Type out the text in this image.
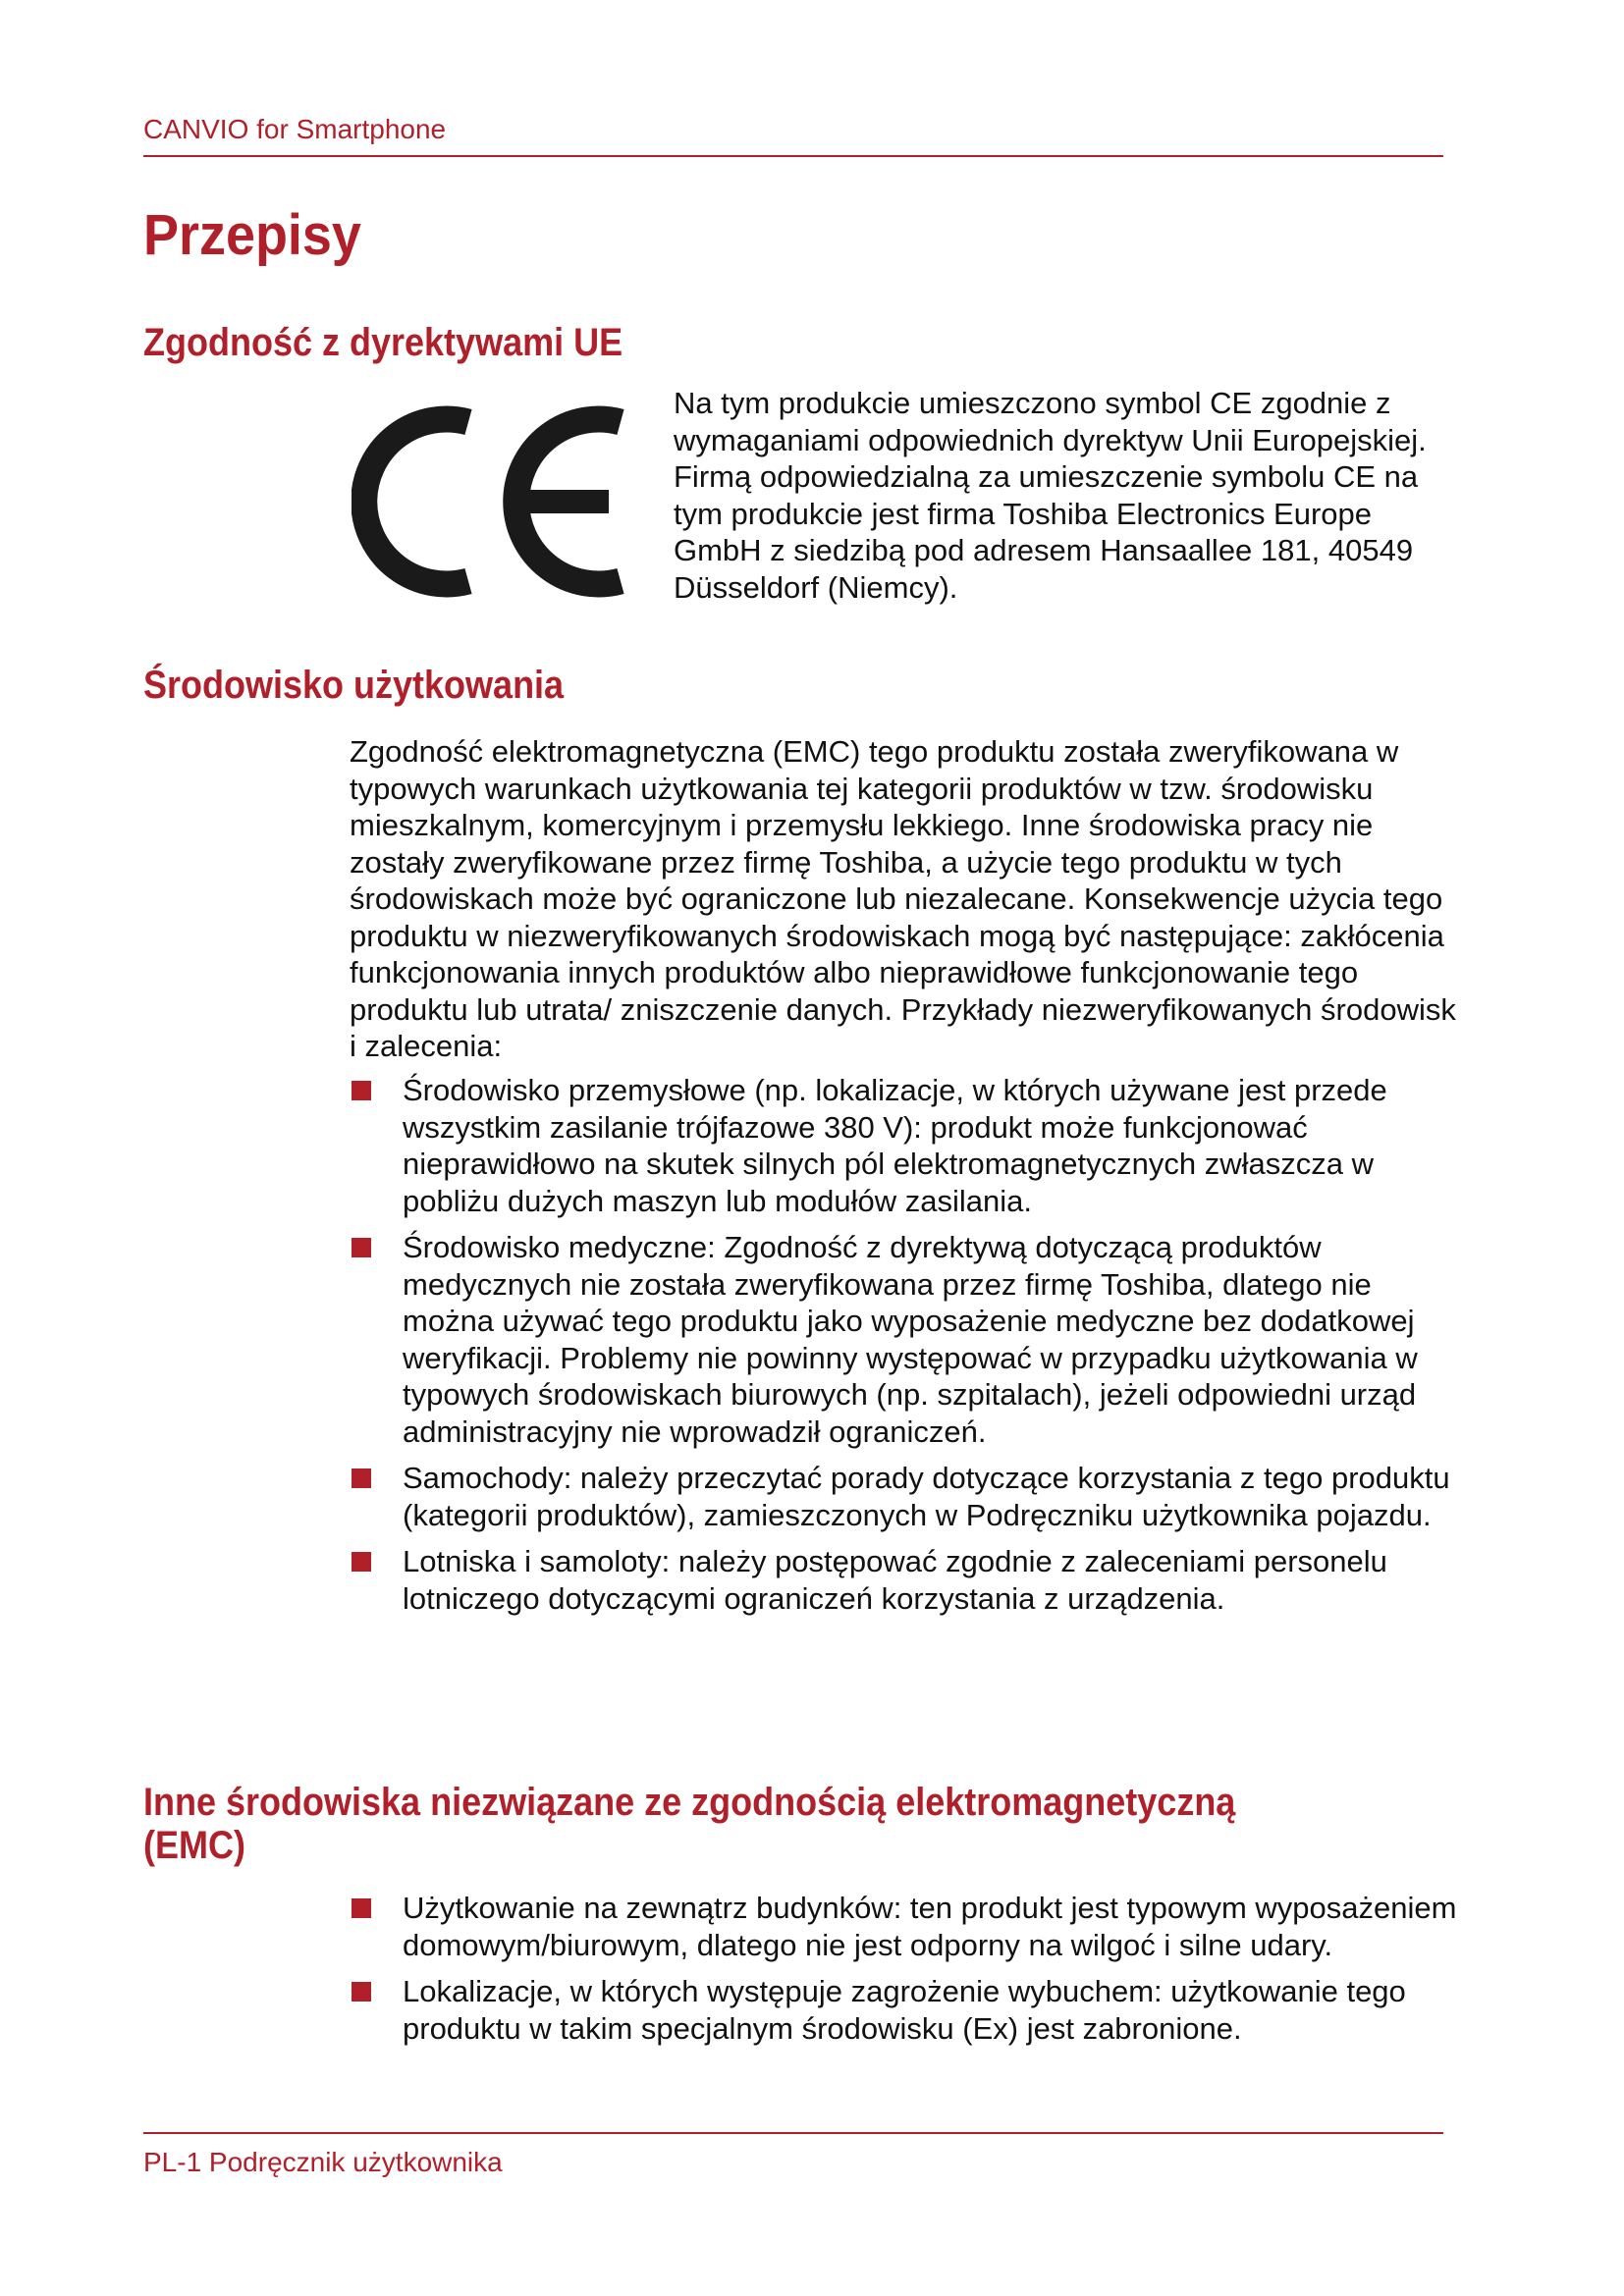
CANVIO for Smartphone
Przepisy
Zgodność z dyrektywami UE

Na tym produkcie umieszczono symbol CE zgodnie z wymaganiami odpowiednich dyrektyw Unii Europejskiej. Firmą odpowiedzialną za umieszczenie symbolu CE na tym produkcie jest firma Toshiba Electronics Europe GmbH z siedzibą pod adresem Hansaallee 181, 40549 Düsseldorf (Niemcy).

Środowisko użytkowania

Zgodność elektromagnetyczna (EMC) tego produktu została zweryfikowana w typowych warunkach użytkowania tej kategorii produktów w tzw. środowisku mieszkalnym, komercyjnym i przemysłu lekkiego. Inne środowiska pracy nie zostały zweryfikowane przez firmę Toshiba, a użycie tego produktu w tych środowiskach może być ograniczone lub niezalecane. Konsekwencje użycia tego produktu w niezweryfikowanych środowiskach mogą być następujące: zakłócenia funkcjonowania innych produktów albo nieprawidłowe funkcjonowanie tego produktu lub utrata/ zniszczenie danych. Przykłady niezweryfikowanych środowisk i zalecenia:

Środowisko przemysłowe (np. lokalizacje, w których używane jest przede wszystkim zasilanie trójfazowe 380 V): produkt może funkcjonować nieprawidłowo na skutek silnych pól elektromagnetycznych zwłaszcza w pobliżu dużych maszyn lub modułów zasilania.
Środowisko medyczne: Zgodność z dyrektywą dotyczącą produktów medycznych nie została zweryfikowana przez firmę Toshiba, dlatego nie można używać tego produktu jako wyposażenie medyczne bez dodatkowej weryfikacji. Problemy nie powinny występować w przypadku użytkowania w typowych środowiskach biurowych (np. szpitalach), jeżeli odpowiedni urząd administracyjny nie wprowadził ograniczeń.
Samochody: należy przeczytać porady dotyczące korzystania z tego produktu (kategorii produktów), zamieszczonych w Podręczniku użytkownika pojazdu.
Lotniska i samoloty: należy postępować zgodnie z zaleceniami personelu lotniczego dotyczącymi ograniczeń korzystania z urządzenia.
Inne środowiska niezwiązane ze zgodnością elektromagnetyczną (EMC)
Użytkowanie na zewnątrz budynków: ten produkt jest typowym wyposażeniem domowym/biurowym, dlatego nie jest odporny na wilgoć i silne udary.
Lokalizacje, w których występuje zagrożenie wybuchem: użytkowanie tego produktu w takim specjalnym środowisku (Ex) jest zabronione.
PL-1 Podręcznik użytkownika
